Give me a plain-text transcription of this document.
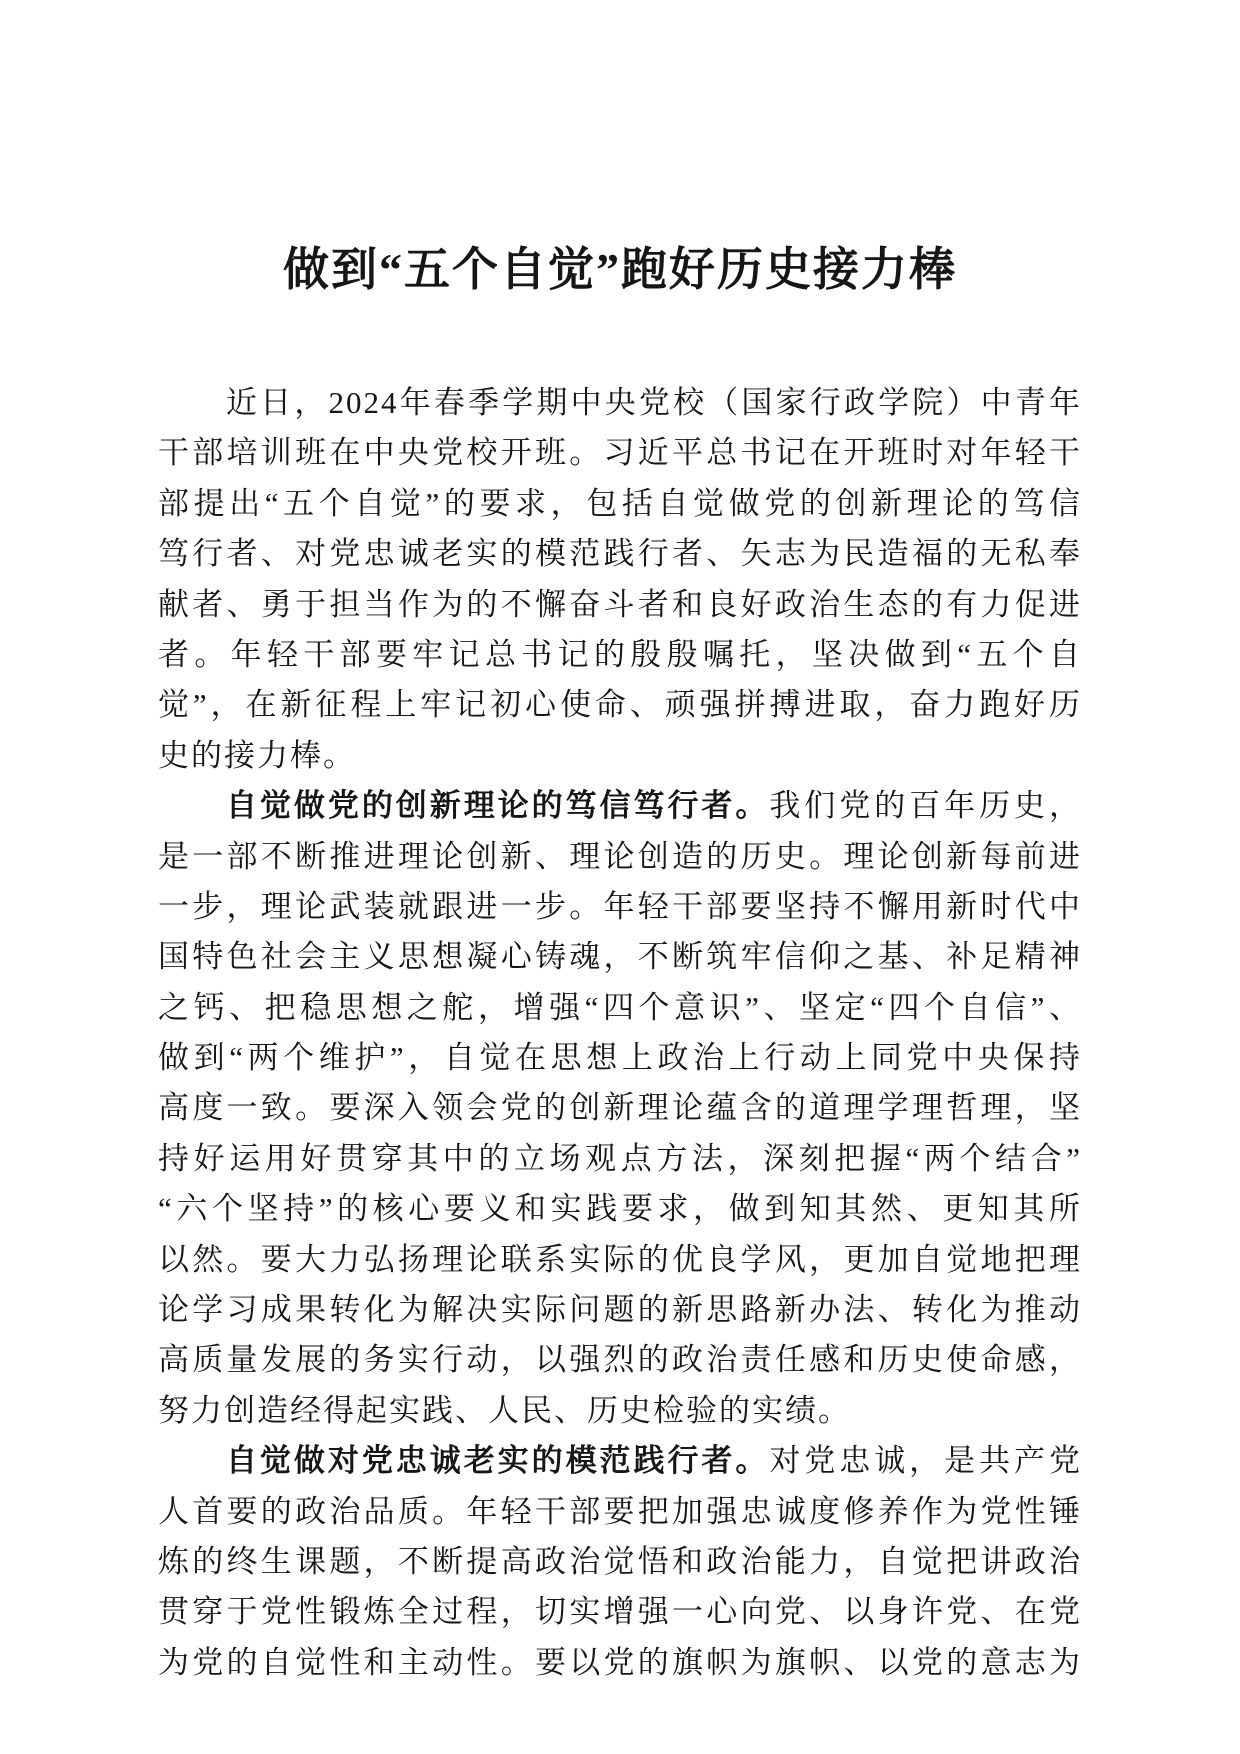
做到“五个自觉”跑好历史接力棒
近日，2024年春季学期中央党校（国家行政学院）中青年
干部培训班在中央党校开班。习近平总书记在开班时对年轻干
部提出“五个自觉”的要求，包括自觉做党的创新理论的笃信
笃行者、对党忠诚老实的模范践行者、矢志为民造福的无私奉
献者、勇于担当作为的不懈奋斗者和良好政治生态的有力促进
者。年轻干部要牢记总书记的殷殷嘱托，坚决做到“五个自
觉”，在新征程上牢记初心使命、顽强拼搏进取，奋力跑好历
史的接力棒。
自觉做党的创新理论的笃信笃行者。我们党的百年历史，
是一部不断推进理论创新、理论创造的历史。理论创新每前进
一步，理论武装就跟进一步。年轻干部要坚持不懈用新时代中
国特色社会主义思想凝心铸魂，不断筑牢信仰之基、补足精神
之钙、把稳思想之舵，增强“四个意识”、坚定“四个自信”、
做到“两个维护”，自觉在思想上政治上行动上同党中央保持
高度一致。要深入领会党的创新理论蕴含的道理学理哲理，坚
持好运用好贯穿其中的立场观点方法，深刻把握“两个结合”
“六个坚持”的核心要义和实践要求，做到知其然、更知其所
以然。要大力弘扬理论联系实际的优良学风，更加自觉地把理
论学习成果转化为解决实际问题的新思路新办法、转化为推动
高质量发展的务实行动，以强烈的政治责任感和历史使命感，
努力创造经得起实践、人民、历史检验的实绩。
自觉做对党忠诚老实的模范践行者。对党忠诚，是共产党
人首要的政治品质。年轻干部要把加强忠诚度修养作为党性锤
炼的终生课题，不断提高政治觉悟和政治能力，自觉把讲政治
贯穿于党性锻炼全过程，切实增强一心向党、以身许党、在党
为党的自觉性和主动性。要以党的旗帜为旗帜、以党的意志为
